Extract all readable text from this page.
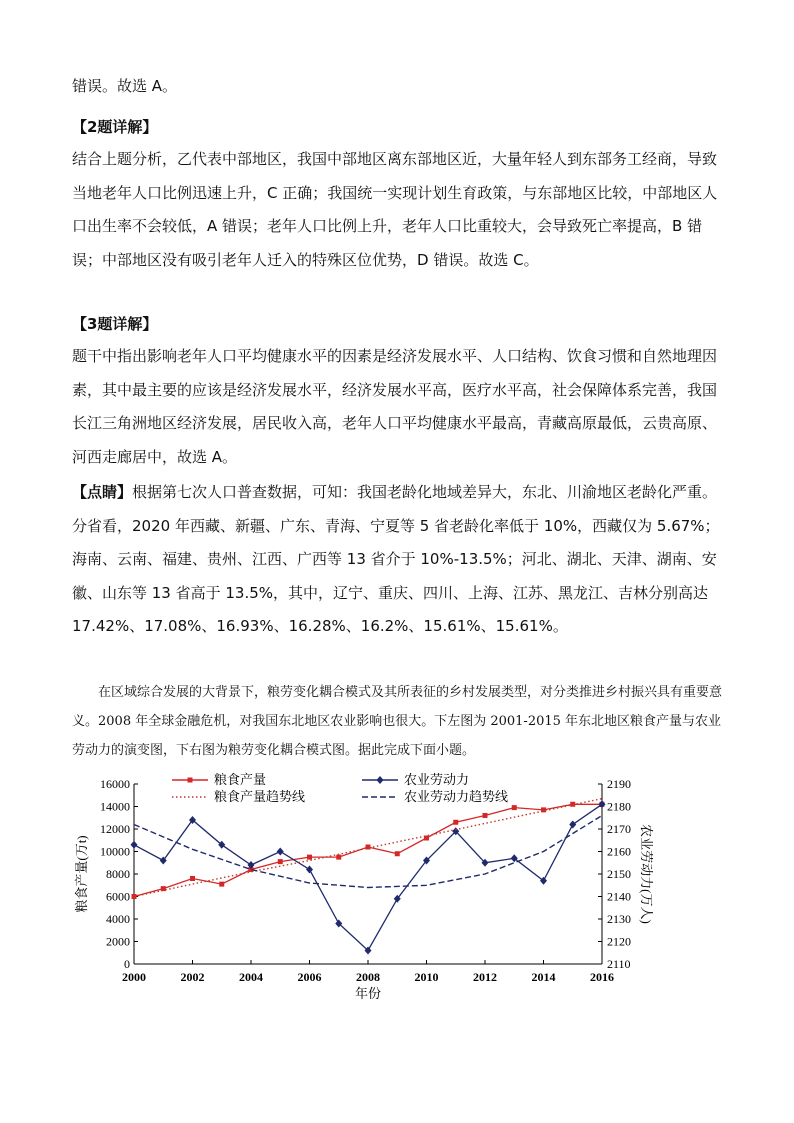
错误。故选 A。

【2题详解】

结合上题分析，乙代表中部地区，我国中部地区离东部地区近，大量年轻人到东部务工经商，导致当地老年人口比例迅速上升，C 正确；我国统一实现计划生育政策，与东部地区比较，中部地区人口出生率不会较低，A 错误；老年人口比例上升，老年人口比重较大，会导致死亡率提高，B 错误；中部地区没有吸引老年人迁入的特殊区位优势，D 错误。故选 C。

【3题详解】

题干中指出影响老年人口平均健康水平的因素是经济发展水平、人口结构、饮食习惯和自然地理因素，其中最主要的应该是经济发展水平，经济发展水平高，医疗水平高，社会保障体系完善，我国长江三角洲地区经济发展，居民收入高，老年人口平均健康水平最高，青藏高原最低，云贵高原、河西走廊居中，故选 A。

【点睛】根据第七次人口普查数据，可知：我国老龄化地域差异大，东北、川渝地区老龄化严重。分省看，2020 年西藏、新疆、广东、青海、宁夏等 5 省老龄化率低于 10%，西藏仅为 5.67%；海南、云南、福建、贵州、江西、广西等 13 省介于 10%-13.5%；河北、湖北、天津、湖南、安徽、山东等 13 省高于 13.5%，其中，辽宁、重庆、四川、上海、江苏、黑龙江、吉林分别高达 17.42%、17.08%、16.93%、16.28%、16.2%、15.61%、15.61%。

在区域综合发展的大背景下，粮劳变化耦合模式及其所表征的乡村发展类型，对分类推进乡村振兴具有重要意义。2008 年全球金融危机，对我国东北地区农业影响也很大。下左图为 2001-2015 年东北地区粮食产量与农业劳动力的演变图，下右图为粮劳变化耦合模式图。据此完成下面小题。

0
2000
4000
6000
8000
10000
12000
14000
16000
2110
2120
2130
2140
2150
2160
2170
2180
2190
2000	2002	2004	2006	2008	2010	2012	2014	2016
年份
粮食产量(万t)	农业劳动力(万人)
粮食产量	农业劳动力
粮食产量趋势线	农业劳动力趋势线
